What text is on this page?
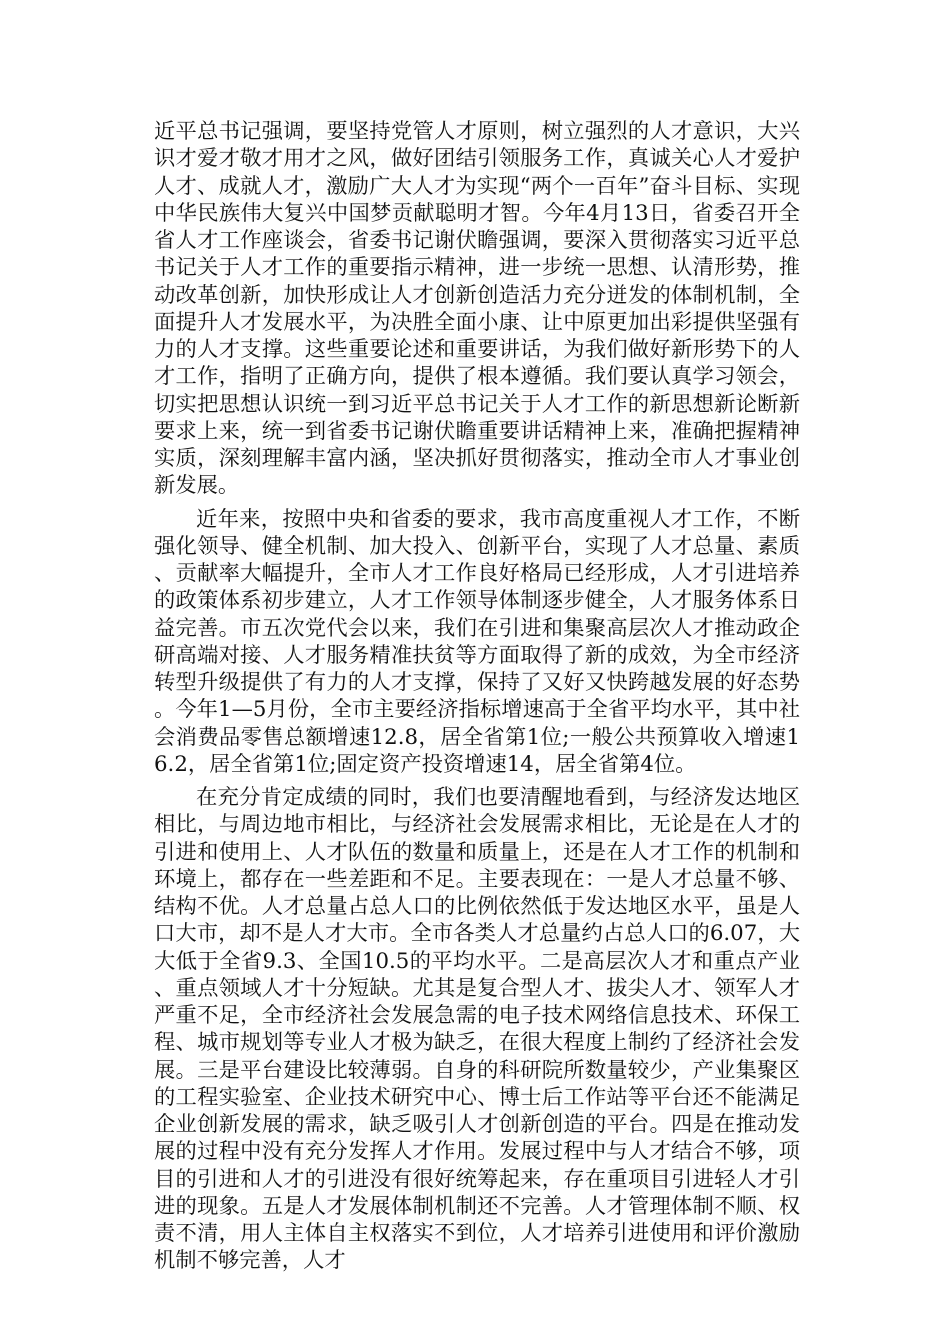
近平总书记强调，要坚持党管人才原则，树立强烈的人才意识，大兴识才爱才敬才用才之风，做好团结引领服务工作，真诚关心人才爱护人才、成就人才，激励广大人才为实现“两个一百年”奋斗目标、实现中华民族伟大复兴中国梦贡献聪明才智。今年4月13日，省委召开全省人才工作座谈会，省委书记谢伏瞻强调，要深入贯彻落实习近平总书记关于人才工作的重要指示精神，进一步统一思想、认清形势，推动改革创新，加快形成让人才创新创造活力充分迸发的体制机制，全面提升人才发展水平，为决胜全面小康、让中原更加出彩提供坚强有力的人才支撑。这些重要论述和重要讲话，为我们做好新形势下的人才工作，指明了正确方向，提供了根本遵循。我们要认真学习领会，切实把思想认识统一到习近平总书记关于人才工作的新思想新论断新要求上来，统一到省委书记谢伏瞻重要讲话精神上来，准确把握精神实质，深刻理解丰富内涵，坚决抓好贯彻落实，推动全市人才事业创新发展。

近年来，按照中央和省委的要求，我市高度重视人才工作，不断强化领导、健全机制、加大投入、创新平台，实现了人才总量、素质、贡献率大幅提升，全市人才工作良好格局已经形成，人才引进培养的政策体系初步建立，人才工作领导体制逐步健全，人才服务体系日益完善。市五次党代会以来，我们在引进和集聚高层次人才推动政企研高端对接、人才服务精准扶贫等方面取得了新的成效，为全市经济转型升级提供了有力的人才支撑，保持了又好又快跨越发展的好态势。今年1—5月份，全市主要经济指标增速高于全省平均水平，其中社会消费品零售总额增速12.8，居全省第1位;一般公共预算收入增速16.2，居全省第1位;固定资产投资增速14，居全省第4位。

在充分肯定成绩的同时，我们也要清醒地看到，与经济发达地区相比，与周边地市相比，与经济社会发展需求相比，无论是在人才的引进和使用上、人才队伍的数量和质量上，还是在人才工作的机制和环境上，都存在一些差距和不足。主要表现在：一是人才总量不够、结构不优。人才总量占总人口的比例依然低于发达地区水平，虽是人口大市，却不是人才大市。全市各类人才总量约占总人口的6.07，大大低于全省9.3、全国10.5的平均水平。二是高层次人才和重点产业、重点领域人才十分短缺。尤其是复合型人才、拔尖人才、领军人才严重不足，全市经济社会发展急需的电子技术网络信息技术、环保工程、城市规划等专业人才极为缺乏，在很大程度上制约了经济社会发展。三是平台建设比较薄弱。自身的科研院所数量较少，产业集聚区的工程实验室、企业技术研究中心、博士后工作站等平台还不能满足企业创新发展的需求，缺乏吸引人才创新创造的平台。四是在推动发展的过程中没有充分发挥人才作用。发展过程中与人才结合不够，项目的引进和人才的引进没有很好统筹起来，存在重项目引进轻人才引进的现象。五是人才发展体制机制还不完善。人才管理体制不顺、权责不清，用人主体自主权落实不到位，人才培养引进使用和评价激励机制不够完善，人才
